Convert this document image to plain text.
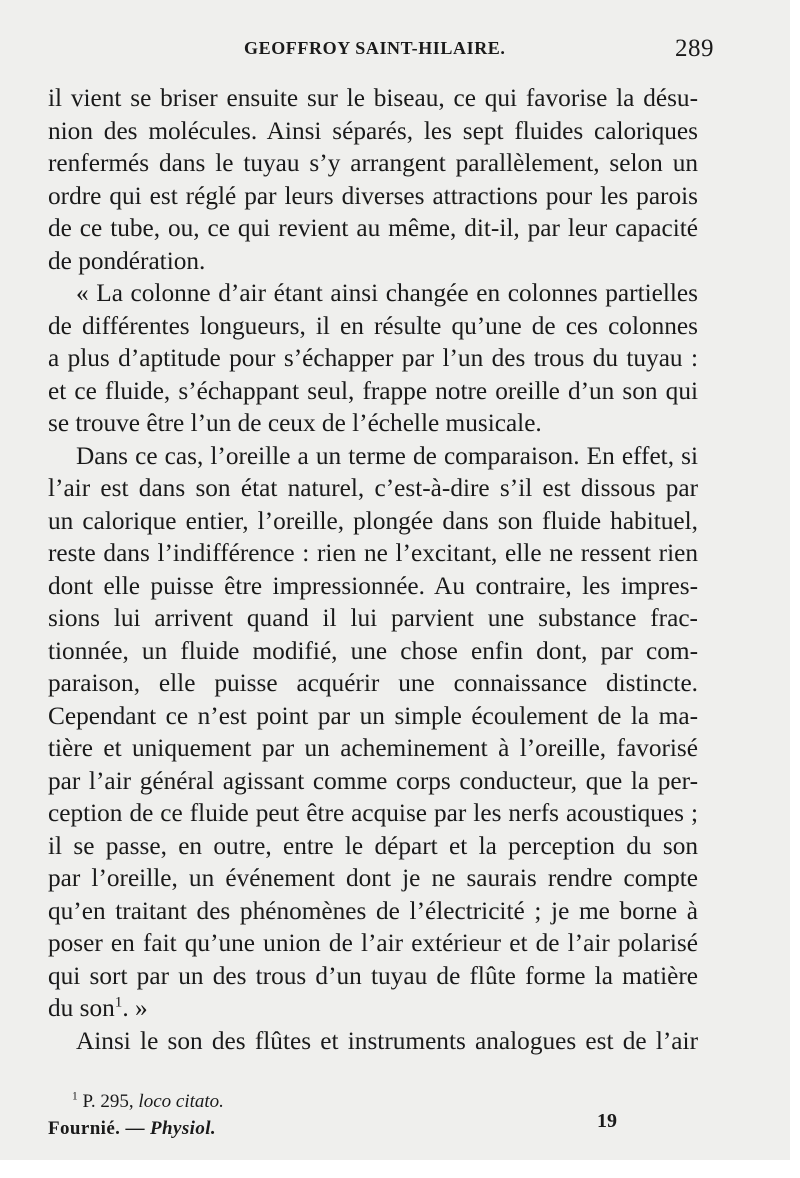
GEOFFROY SAINT-HILAIRE.	289
il vient se briser ensuite sur le biseau, ce qui favorise la désu-
nion des molécules. Ainsi séparés, les sept fluides caloriques
renfermés dans le tuyau s’y arrangent parallèlement, selon un
ordre qui est réglé par leurs diverses attractions pour les parois
de ce tube, ou, ce qui revient au même, dit-il, par leur capacité
de pondération.
« La colonne d’air étant ainsi changée en colonnes partielles
de différentes longueurs, il en résulte qu’une de ces colonnes
a plus d’aptitude pour s’échapper par l’un des trous du tuyau :
et ce fluide, s’échappant seul, frappe notre oreille d’un son qui
se trouve être l’un de ceux de l’échelle musicale.
Dans ce cas, l’oreille a un terme de comparaison. En effet, si
l’air est dans son état naturel, c’est-à-dire s’il est dissous par
un calorique entier, l’oreille, plongée dans son fluide habituel,
reste dans l’indifférence : rien ne l’excitant, elle ne ressent rien
dont elle puisse être impressionnée. Au contraire, les impres-
sions lui arrivent quand il lui parvient une substance frac-
tionnée, un fluide modifié, une chose enfin dont, par com-
paraison, elle puisse acquérir une connaissance distincte.
Cependant ce n’est point par un simple écoulement de la ma-
tière et uniquement par un acheminement à l’oreille, favorisé
par l’air général agissant comme corps conducteur, que la per-
ception de ce fluide peut être acquise par les nerfs acoustiques ;
il se passe, en outre, entre le départ et la perception du son
par l’oreille, un événement dont je ne saurais rendre compte
qu’en traitant des phénomènes de l’électricité ; je me borne à
poser en fait qu’une union de l’air extérieur et de l’air polarisé
qui sort par un des trous d’un tuyau de flûte forme la matière
du son$^1$. »
Ainsi le son des flûtes et instruments analogues est de l’air
$^1$ P. 295, loco citato.
Fournié. — Physiol.	19
